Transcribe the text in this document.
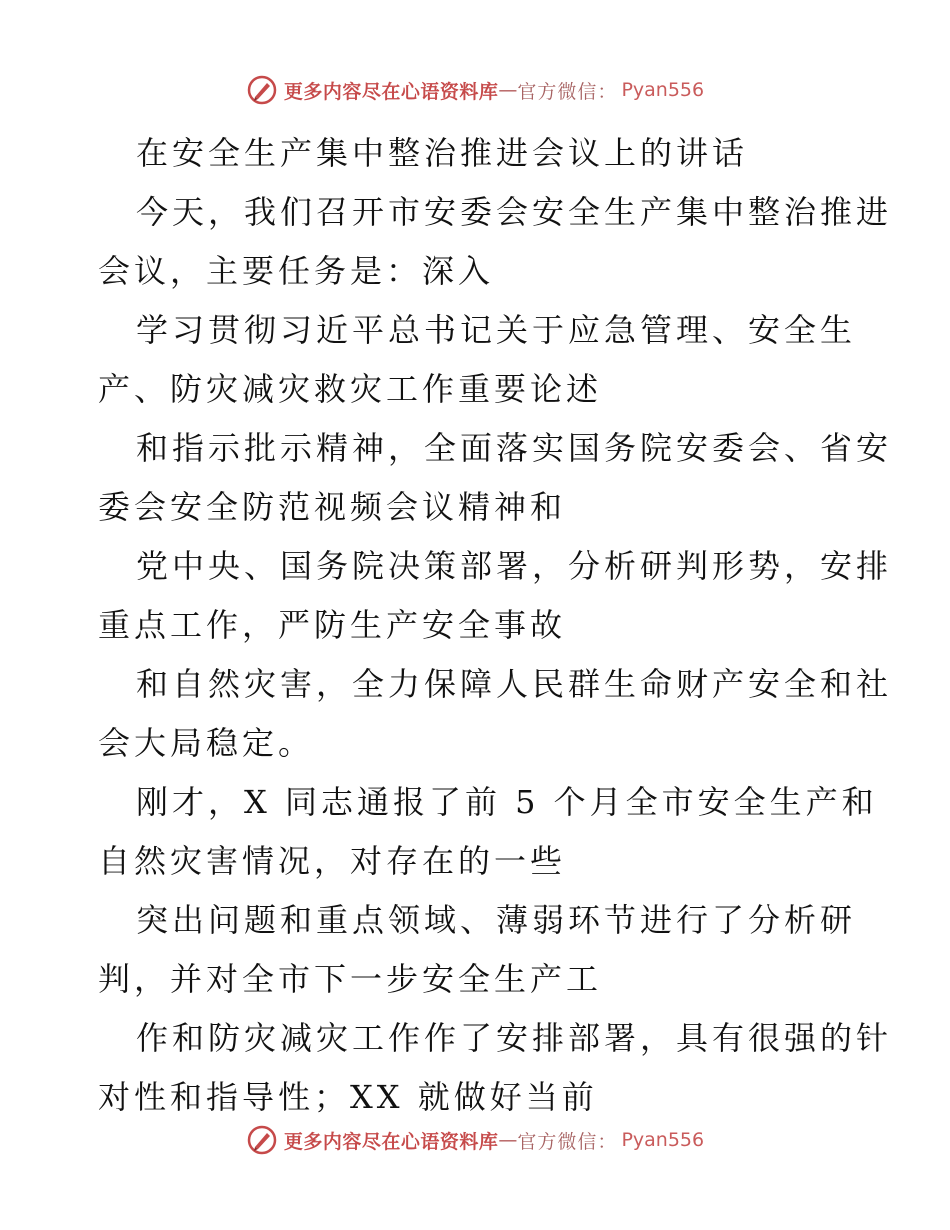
更多内容尽在心语资料库 — 官方微信： Pyan556
在安全生产集中整治推进会议上的讲话
今天，我们召开市安委会安全生产集中整治推进
会议，主要任务是：深入
学习贯彻习近平总书记关于应急管理、安全生
产、防灾减灾救灾工作重要论述
和指示批示精神，全面落实国务院安委会、省安
委会安全防范视频会议精神和
党中央、国务院决策部署，分析研判形势，安排
重点工作，严防生产安全事故
和自然灾害，全力保障人民群生命财产安全和社
会大局稳定。
刚才，X 同志通报了前 5 个月全市安全生产和
自然灾害情况，对存在的一些
突出问题和重点领域、薄弱环节进行了分析研
判，并对全市下一步安全生产工
作和防灾减灾工作作了安排部署，具有很强的针
对性和指导性；XX 就做好当前
更多内容尽在心语资料库 — 官方微信： Pyan556
